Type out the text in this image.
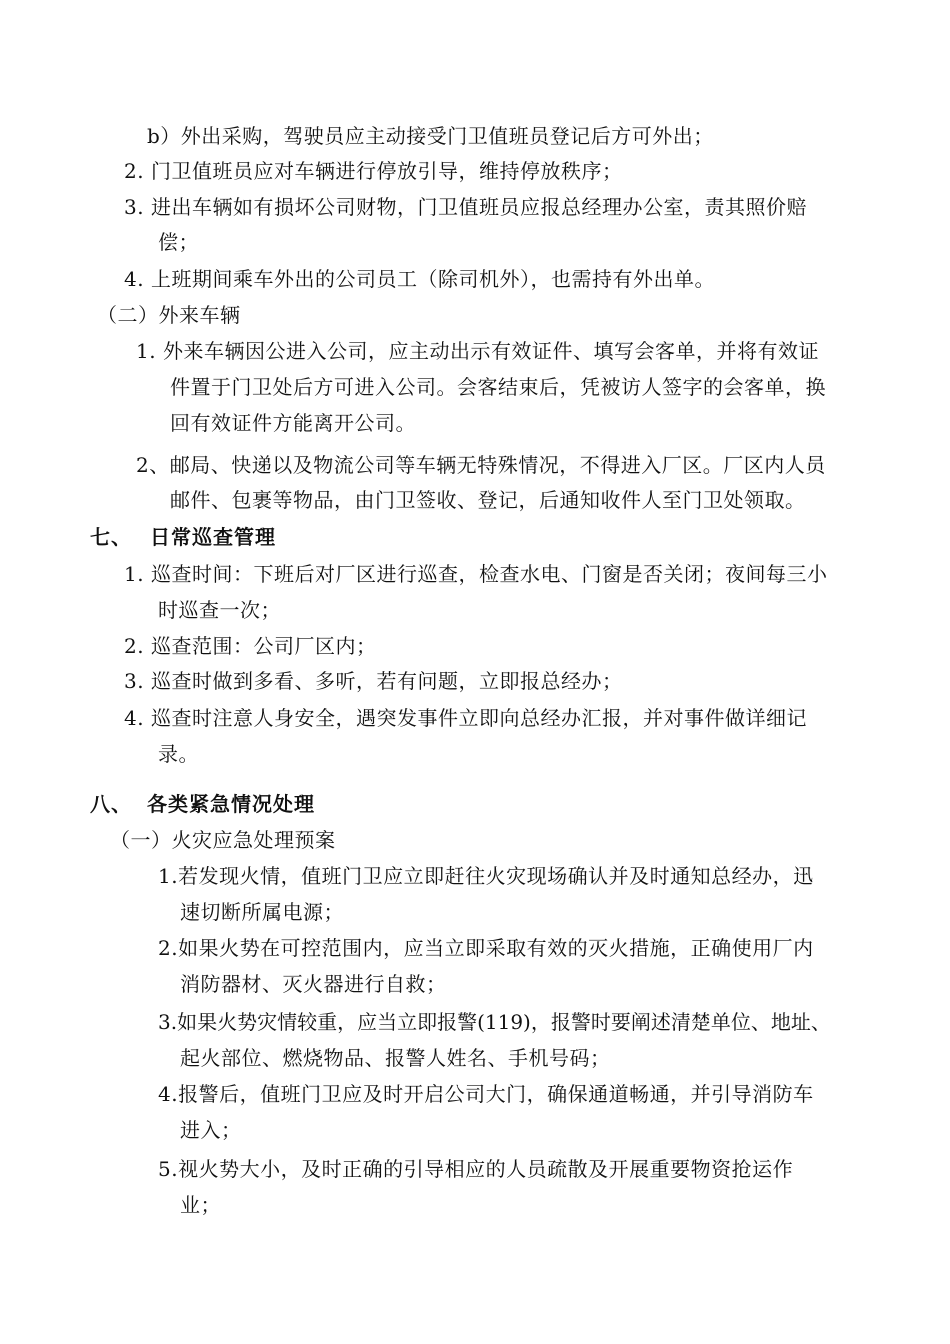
b）外出采购，驾驶员应主动接受门卫值班员登记后方可外出；
2. 门卫值班员应对车辆进行停放引导，维持停放秩序；
3. 进出车辆如有损坏公司财物，门卫值班员应报总经理办公室，责其照价赔
偿；
4. 上班期间乘车外出的公司员工（除司机外），也需持有外出单。
（二）外来车辆
1. 外来车辆因公进入公司，应主动出示有效证件、填写会客单，并将有效证
件置于门卫处后方可进入公司。会客结束后，凭被访人签字的会客单，换
回有效证件方能离开公司。
2、邮局、快递以及物流公司等车辆无特殊情况，不得进入厂区。厂区内人员
邮件、包裹等物品，由门卫签收、登记，后通知收件人至门卫处领取。
七、 日常巡查管理
1. 巡查时间：下班后对厂区进行巡查，检查水电、门窗是否关闭；夜间每三小
时巡查一次；
2. 巡查范围：公司厂区内；
3. 巡查时做到多看、多听，若有问题，立即报总经办；
4. 巡查时注意人身安全，遇突发事件立即向总经办汇报，并对事件做详细记
录。
八、 各类紧急情况处理
（一）火灾应急处理预案
1.若发现火情，值班门卫应立即赶往火灾现场确认并及时通知总经办，迅
速切断所属电源；
2.如果火势在可控范围内，应当立即采取有效的灭火措施，正确使用厂内
消防器材、灭火器进行自救；
3.如果火势灾情较重，应当立即报警(119)，报警时要阐述清楚单位、地址、
起火部位、燃烧物品、报警人姓名、手机号码；
4.报警后，值班门卫应及时开启公司大门，确保通道畅通，并引导消防车
进入；
5.视火势大小，及时正确的引导相应的人员疏散及开展重要物资抢运作
业；
